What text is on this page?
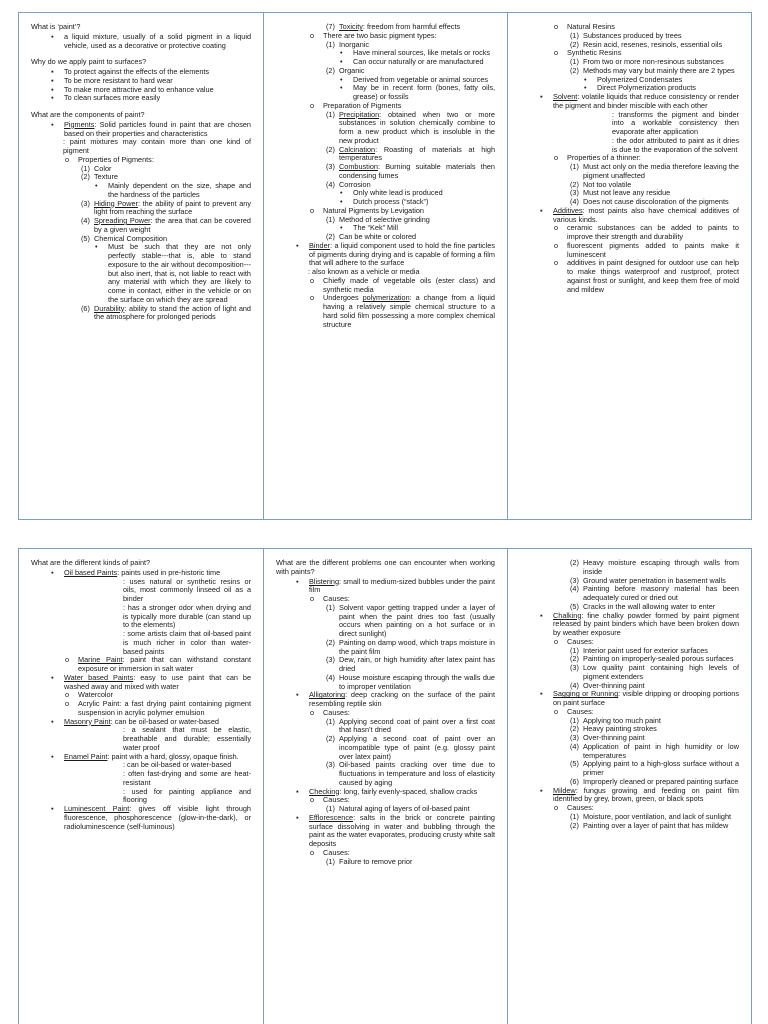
What is ‘paint’?
▪	a liquid mixture, usually of a solid pigment in a liquid vehicle, used as a decorative or protective coating
Why do we apply paint to surfaces?
▪	To protect against the effects of the elements
▪	To be more resistant to hard wear
▪	To make more attractive and to enhance value
▪	To clean surfaces more easily
What are the components of paint?
▪	Pigments: Solid particles found in paint that are chosen based on their properties and characteristics
: paint mixtures may contain more than one kind of pigment
o	Properties of Pigments:
(1) Color
(2) Texture
•	Mainly dependent on the size, shape and the hardness of the particles
(3) Hiding Power: the ability of paint to prevent any light from reaching the surface
(4) Spreading Power: the area that can be covered by a given weight
(5) Chemical Composition
•	Must be such that they are not only perfectly stable---that is, able to stand exposure to the air without decomposition---but also inert, that is, not liable to react with any material with which they are likely to come in contact, either in the vehicle or on the surface on which they are spread
(6) Durability: ability to stand the action of light and the atmosphere for prolonged periods
(7) Toxicity: freedom from harmful effects
o	There are two basic pigment types:
(1) Inorganic
•	Have mineral sources, like metals or rocks
•	Can occur naturally or are manufactured
(2) Organic
•	Derived from vegetable or animal sources
•	May be in recent form (bones, fatty oils, grease) or fossils
o	Preparation of Pigments
(1) Precipitation: obtained when two or more substances in solution chemically combine to form a new product which is insoluble in the new product
(2) Calcination: Roasting of materials at high temperatures
(3) Combustion: Burning suitable materials then condensing fumes
(4) Corrosion
•	Only white lead is produced
•	Dutch process (“stack”)
o	Natural Pigments by Levigation
(1) Method of selective grinding
•	The “Kek” Mill
(2) Can be white or colored
▪	Binder: a liquid component used to hold the fine particles of pigments during drying and is capable of forming a film that will adhere to the surface
: also known as a vehicle or media
o	Chiefly made of vegetable oils (ester class) and synthetic media
o	Undergoes polymerization: a change from a liquid having a relatively simple chemical structure to a hard solid film possessing a more complex chemical structure
o	Natural Resins
(1) Substances produced by trees
(2) Resin acid, resenes, resinols, essential oils
o	Synthetic Resins
(1) From two or more non-resinous substances
(2) Methods may vary but mainly there are 2 types
•	Polymerized Condensates
•	Direct Polymerization products
▪	Solvent: volatile liquids that reduce consistency or render the pigment and binder miscible with each other
: transforms the pigment and binder into a workable consistency then evaporate after application
: the odor attributed to paint as it dries is due to the evaporation of the solvent
o	Properties of a thinner:
(1) Must act only on the media therefore leaving the pigment unaffected
(2) Not too volatile
(3) Must not leave any residue
(4) Does not cause discoloration of the pigments
▪	Additives: most paints also have chemical additives of various kinds.
o	ceramic substances can be added to paints to improve their strength and durability
o	fluorescent pigments added to paints make it luminescent
o	additives in paint designed for outdoor use can help to make things waterproof and rustproof, protect against frost or sunlight, and keep them free of mold and mildew
What are the different kinds of paint?
▪	Oil based Paints: paints used in pre-historic time
: uses natural or synthetic resins or oils, most commonly linseed oil as a binder
: has a stronger odor when drying and is typically more durable (can stand up to the elements)
: some artists claim that oil-based paint is much richer in color than water-based paints
o	Marine Paint: paint that can withstand constant exposure or immersion in salt water
▪	Water based Paints: easy to use paint that can be washed away and mixed with water
o	Watercolor
o	Acrylic Paint: a fast drying paint containing pigment suspension in acrylic polymer emulsion
▪	Masonry Paint: can be oil-based or water-based
: a sealant that must be elastic, breathable and durable; essentially water proof
▪	Enamel Paint: paint with a hard, glossy, opaque finish.
: can be oil-based or water-based
: often fast-drying and some are heat-resistant
: used for painting appliance and flooring
▪	Luminescent Paint: gives off visible light through fluorescence, phosphorescence (glow-in-the-dark), or radioluminescence (self-luminous)
What are the different problems one can encounter when working with paints?
▪	Blistering: small to medium-sized bubbles under the paint film
o	Causes:
(1) Solvent vapor getting trapped under a layer of paint when the paint dries too fast (usually occurs when painting on a hot surface or in direct sunlight)
(2) Painting on damp wood, which traps moisture in the paint film
(3) Dew, rain, or high humidity after latex paint has dried
(4) House moisture escaping through the walls due to improper ventilation
▪	Alligatoring: deep cracking on the surface of the paint resembling reptile skin
o	Causes:
(1) Applying second coat of paint over a first coat that hasn’t dried
(2) Applying a second coat of paint over an incompatible type of paint (e.g. glossy paint over latex paint)
(3) Oil-based paints cracking over time due to fluctuations in temperature and loss of elasticity caused by aging
▪	Checking: long, fairly evenly-spaced, shallow cracks
o	Causes:
(1) Natural aging of layers of oil-based paint
▪	Efflorescence: salts in the brick or concrete painting surface dissolving in water and bubbling through the paint as the water evaporates, producing crusty white salt deposits
o	Causes:
(1) Failure to remove prior
(2) Heavy moisture escaping through walls from inside
(3) Ground water penetration in basement walls
(4) Painting before masonry material has been adequately cured or dried out
(5) Cracks in the wall allowing water to enter
▪	Chalking: fine chalky powder formed by paint pigment released by paint binders which have been broken down by weather exposure
o	Causes:
(1) Interior paint used for exterior surfaces
(2) Painting on improperly-sealed porous surfaces
(3) Low quality paint containing high levels of pigment extenders
(4) Over-thinning paint
▪	Sagging or Running: visible dripping or drooping portions on paint surface
o	Causes:
(1) Applying too much paint
(2) Heavy painting strokes
(3) Over-thinning paint
(4) Application of paint in high humidity or low temperatures
(5) Applying paint to a high-gloss surface without a primer
(6) Improperly cleaned or prepared painting surface
▪	Mildew: fungus growing and feeding on paint film identified by grey, brown, green, or black spots
o	Causes:
(1) Moisture, poor ventilation, and lack of sunlight
(2) Painting over a layer of paint that has mildew
